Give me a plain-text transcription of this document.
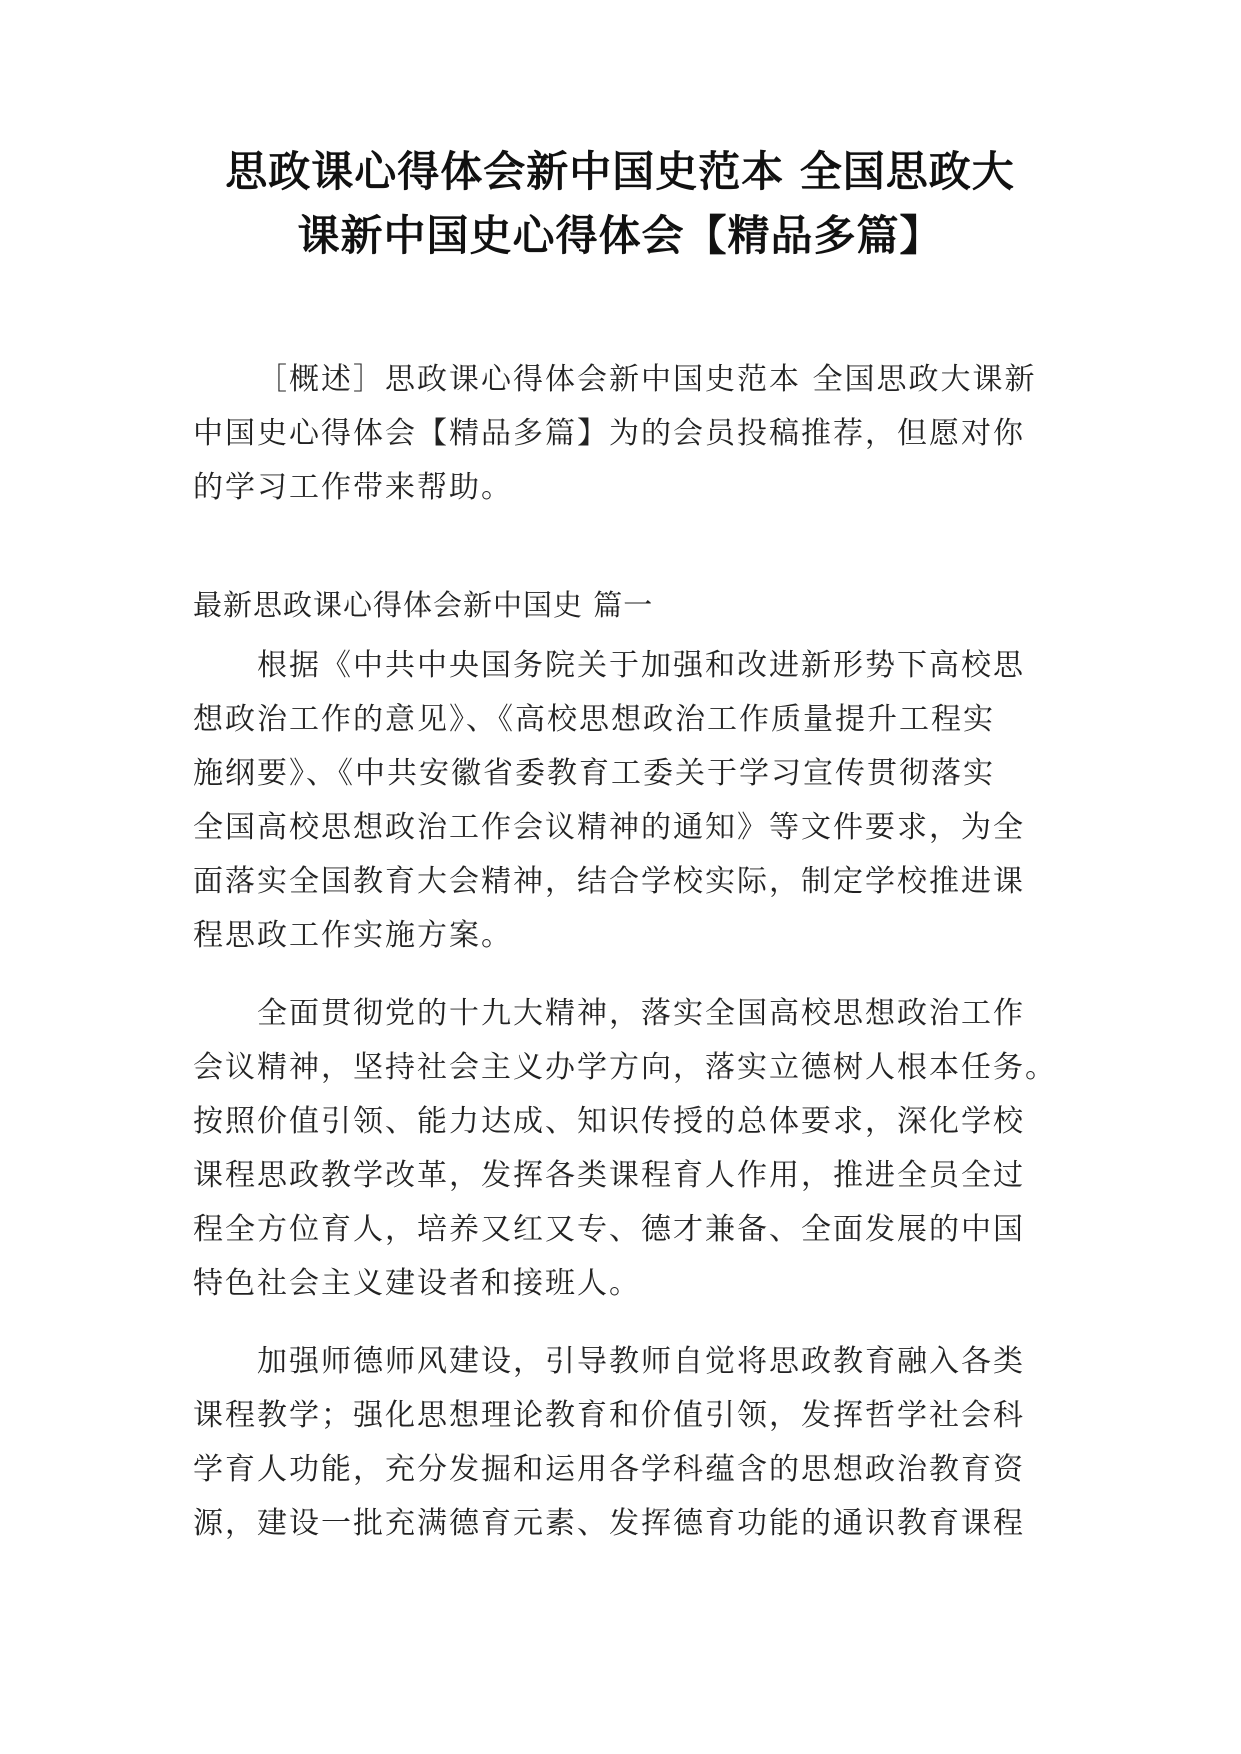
思政课心得体会新中国史范本 全国思政大
课新中国史心得体会【精品多篇】

［概述］思政课心得体会新中国史范本 全国思政大课新

中国史心得体会【精品多篇】为的会员投稿推荐，但愿对你

的学习工作带来帮助。

最新思政课心得体会新中国史 篇一

根据《中共中央国务院关于加强和改进新形势下高校思

想政治工作的意见》、《高校思想政治工作质量提升工程实

施纲要》、《中共安徽省委教育工委关于学习宣传贯彻落实

全国高校思想政治工作会议精神的通知》等文件要求，为全

面落实全国教育大会精神，结合学校实际，制定学校推进课

程思政工作实施方案。

全面贯彻党的十九大精神，落实全国高校思想政治工作

会议精神，坚持社会主义办学方向，落实立德树人根本任务。

按照价值引领、能力达成、知识传授的总体要求，深化学校

课程思政教学改革，发挥各类课程育人作用，推进全员全过

程全方位育人，培养又红又专、德才兼备、全面发展的中国

特色社会主义建设者和接班人。

加强师德师风建设，引导教师自觉将思政教育融入各类

课程教学；强化思想理论教育和价值引领，发挥哲学社会科

学育人功能，充分发掘和运用各学科蕴含的思想政治教育资

源，建设一批充满德育元素、发挥德育功能的通识教育课程
